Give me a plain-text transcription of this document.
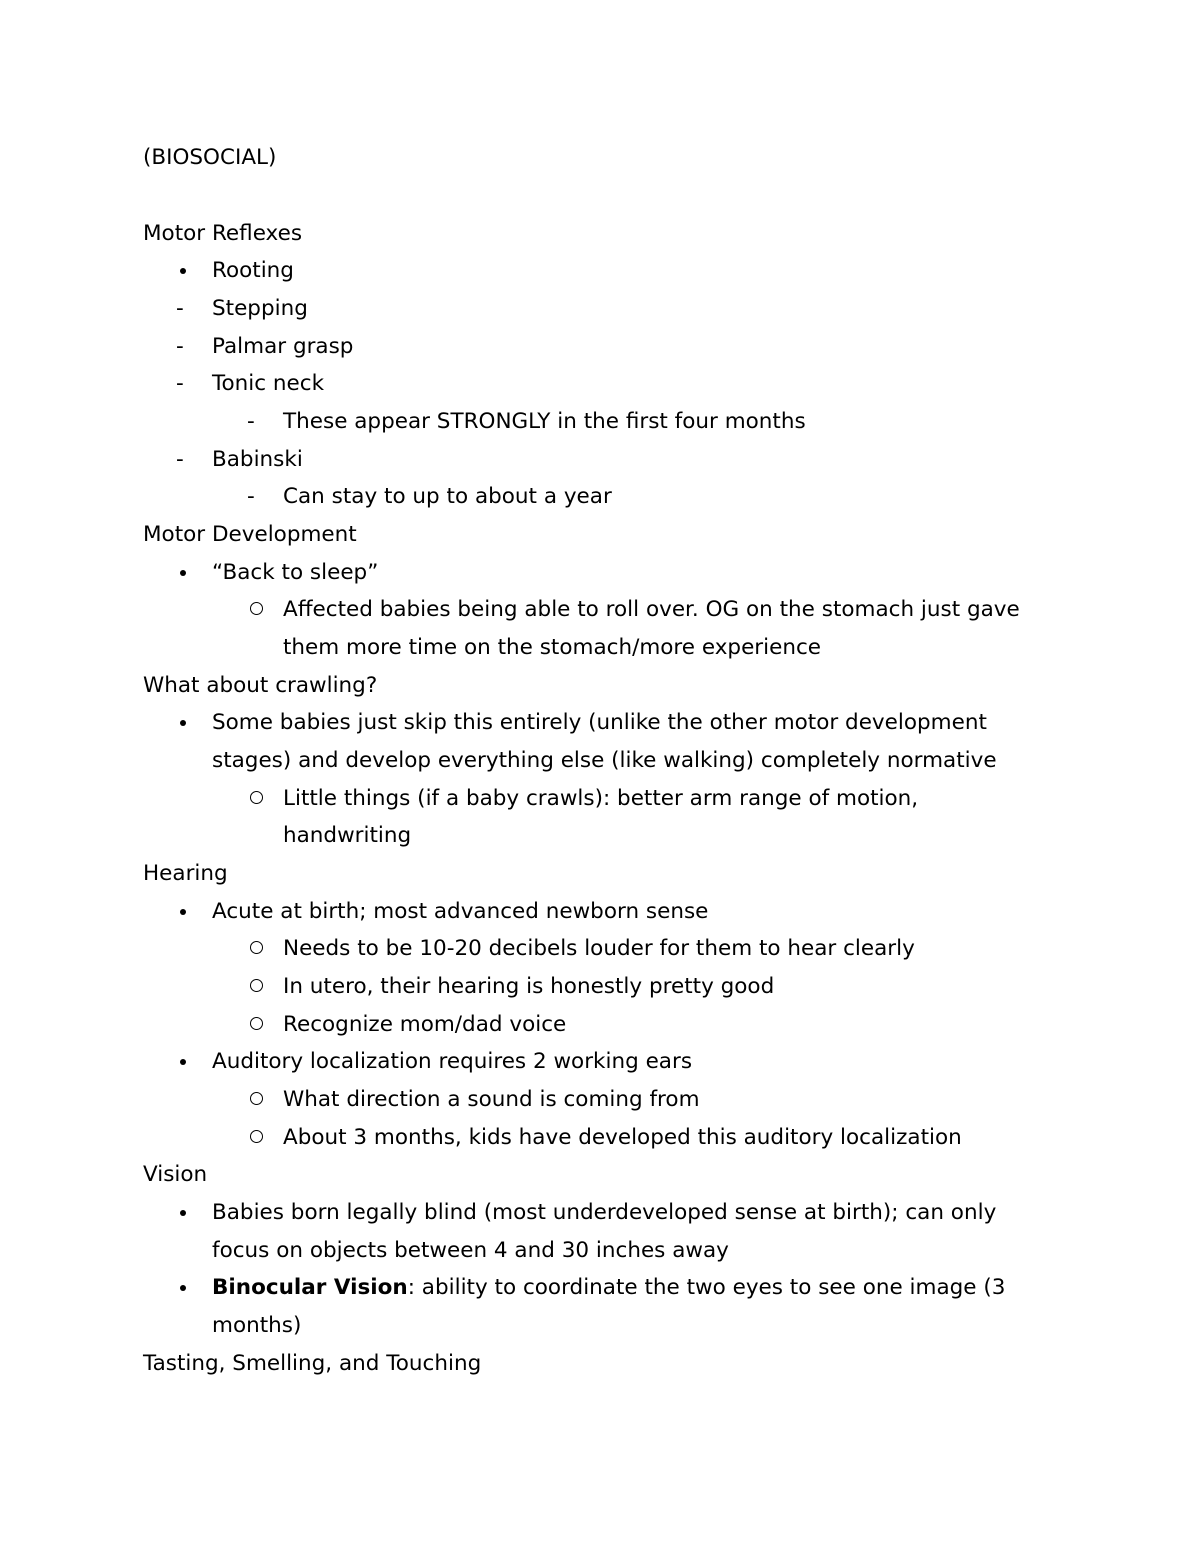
(BIOSOCIAL)
Motor Reflexes
Rooting
- Stepping
- Palmar grasp
- Tonic neck
- These appear STRONGLY in the first four months
- Babinski
- Can stay to up to about a year
Motor Development
“Back to sleep”
Affected babies being able to roll over. OG on the stomach just gave
them more time on the stomach/more experience
What about crawling?
Some babies just skip this entirely (unlike the other motor development
stages) and develop everything else (like walking) completely normative
Little things (if a baby crawls): better arm range of motion,
handwriting
Hearing
Acute at birth; most advanced newborn sense
Needs to be 10-20 decibels louder for them to hear clearly
In utero, their hearing is honestly pretty good
Recognize mom/dad voice
Auditory localization requires 2 working ears
What direction a sound is coming from
About 3 months, kids have developed this auditory localization
Vision
Babies born legally blind (most underdeveloped sense at birth); can only
focus on objects between 4 and 30 inches away
Binocular Vision: ability to coordinate the two eyes to see one image (3
months)
Tasting, Smelling, and Touching
